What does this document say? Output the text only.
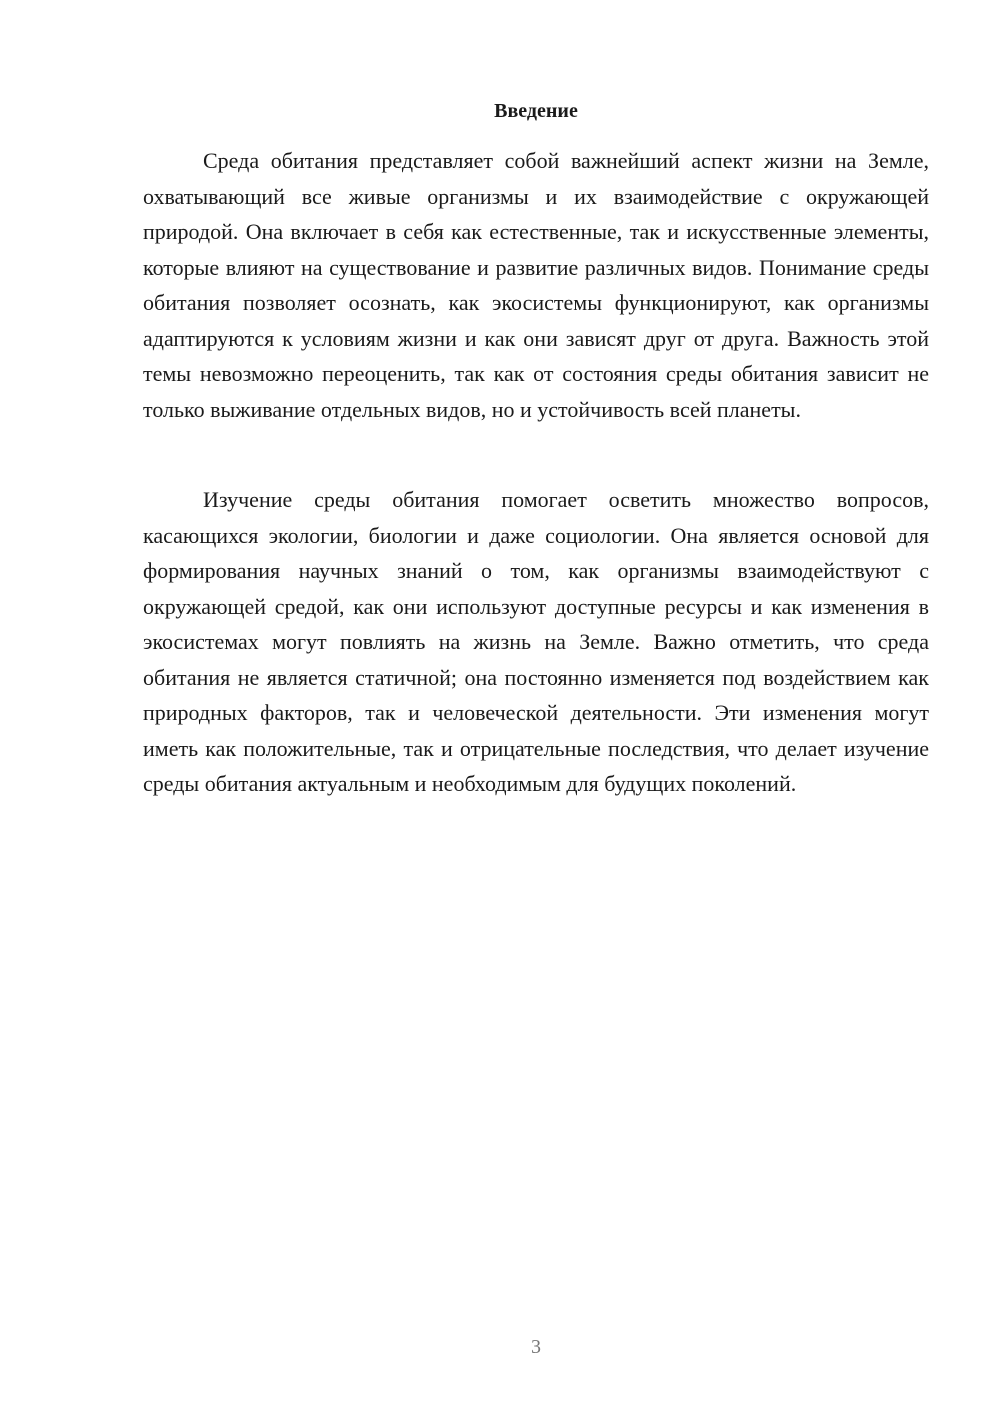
Введение

Среда обитания представляет собой важнейший аспект жизни на Земле, охватывающий все живые организмы и их взаимодействие с окружающей природой. Она включает в себя как естественные, так и искусственные элементы, которые влияют на существование и развитие различных видов. Понимание среды обитания позволяет осознать, как экосистемы функционируют, как организмы адаптируются к условиям жизни и как они зависят друг от друга. Важность этой темы невозможно переоценить, так как от состояния среды обитания зависит не только выживание отдельных видов, но и устойчивость всей планеты.

Изучение среды обитания помогает осветить множество вопросов, касающихся экологии, биологии и даже социологии. Она является основой для формирования научных знаний о том, как организмы взаимодействуют с окружающей средой, как они используют доступные ресурсы и как изменения в экосистемах могут повлиять на жизнь на Земле. Важно отметить, что среда обитания не является статичной; она постоянно изменяется под воздействием как природных факторов, так и человеческой деятельности. Эти изменения могут иметь как положительные, так и отрицательные последствия, что делает изучение среды обитания актуальным и необходимым для будущих поколений.

3
